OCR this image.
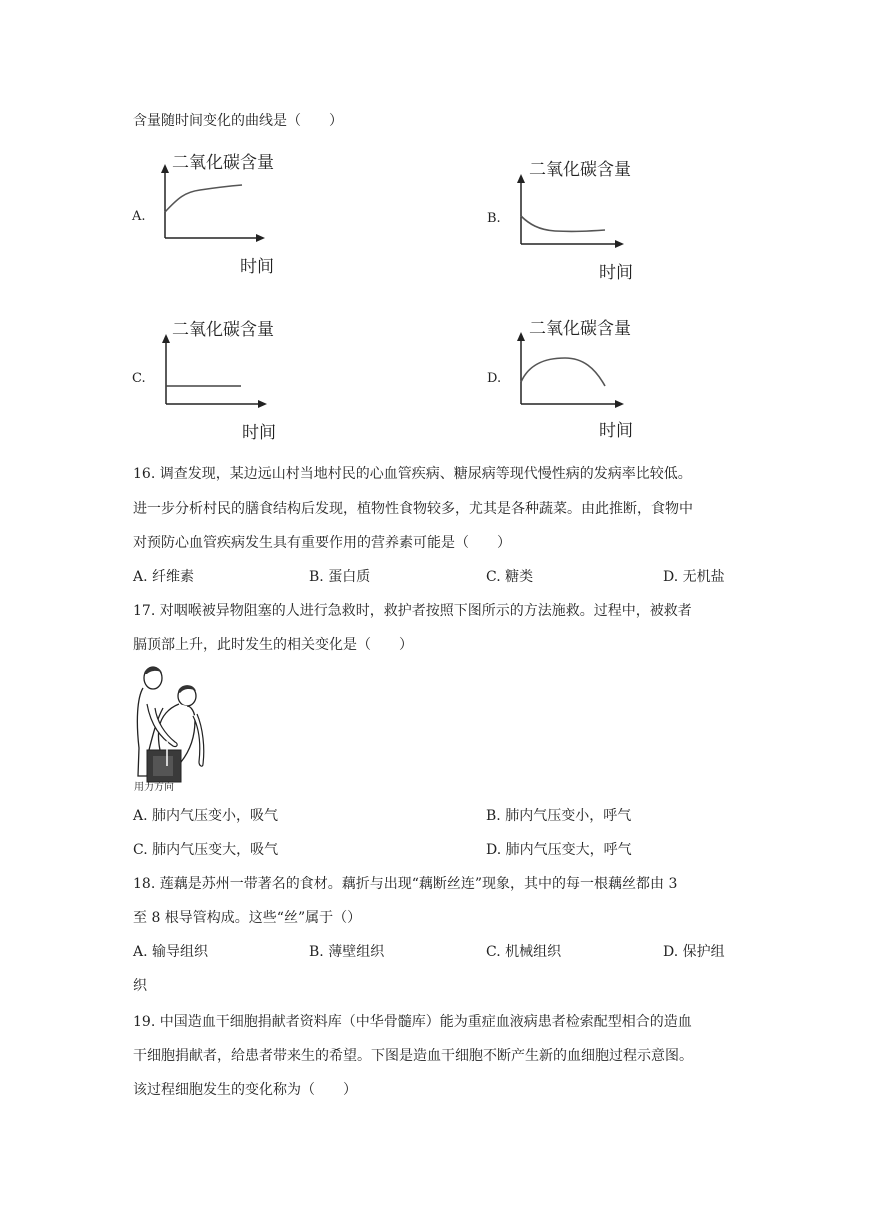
含量随时间变化的曲线是（　　）
A.
二氧化碳含量
时间
B.
二氧化碳含量
时间
C.
二氧化碳含量
时间
D.
二氧化碳含量
时间
16. 调查发现，某边远山村当地村民的心血管疾病、糖尿病等现代慢性病的发病率比较低。
进一步分析村民的膳食结构后发现，植物性食物较多，尤其是各种蔬菜。由此推断，食物中
对预防心血管疾病发生具有重要作用的营养素可能是（　　）
A. 纤维素	B. 蛋白质	C. 糖类	D. 无机盐
17. 对咽喉被异物阻塞的人进行急救时，救护者按照下图所示的方法施救。过程中，被救者
膈顶部上升，此时发生的相关变化是（　　）
用力方向
A. 肺内气压变小，吸气	B. 肺内气压变小，呼气
C. 肺内气压变大，吸气	D. 肺内气压变大，呼气
18. 莲藕是苏州一带著名的食材。藕折与出现“藕断丝连”现象，其中的每一根藕丝都由 3
至 8 根导管构成。这些“丝”属于（）
A. 输导组织	B. 薄壁组织	C. 机械组织	D. 保护组
织
19. 中国造血干细胞捐献者资料库（中华骨髓库）能为重症血液病患者检索配型相合的造血
干细胞捐献者，给患者带来生的希望。下图是造血干细胞不断产生新的血细胞过程示意图。
该过程细胞发生的变化称为（　　）
